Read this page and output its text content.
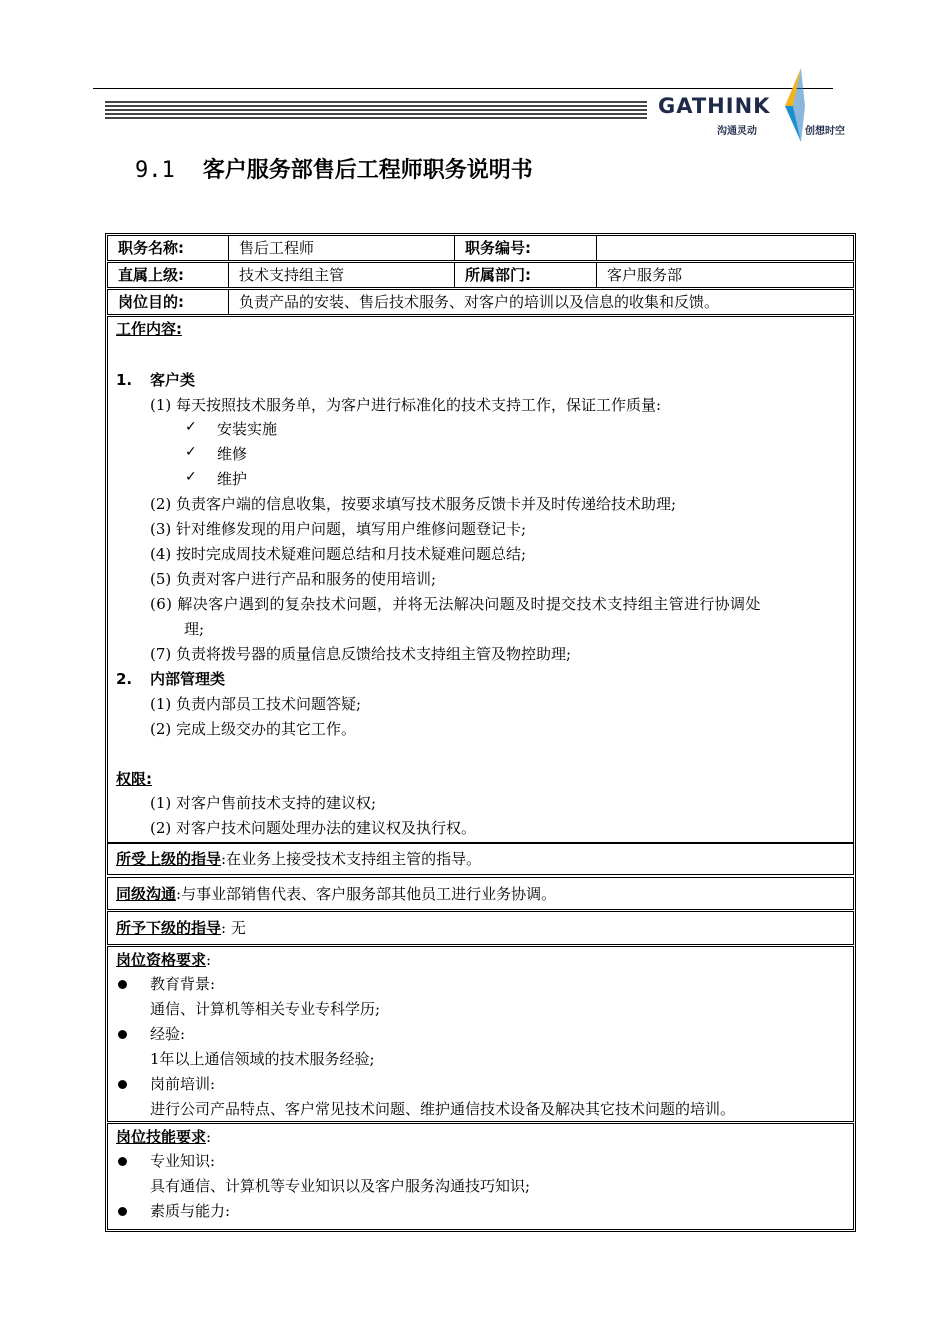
GATHINK
沟通灵动	创想时空
9.1 客户服务部售后工程师职务说明书
职务名称:	售后工程师	职务编号:
直属上级:	技术支持组主管	所属部门:	客户服务部
岗位目的:	负责产品的安装、售后技术服务、对客户的培训以及信息的收集和反馈。
工作内容:
1. 客户类
(1) 每天按照技术服务单，为客户进行标准化的技术支持工作，保证工作质量:
✓ 安装实施
✓ 维修
✓ 维护
(2) 负责客户端的信息收集，按要求填写技术服务反馈卡并及时传递给技术助理;
(3) 针对维修发现的用户问题，填写用户维修问题登记卡;
(4) 按时完成周技术疑难问题总结和月技术疑难问题总结;
(5) 负责对客户进行产品和服务的使用培训;
(6) 解决客户遇到的复杂技术问题，并将无法解决问题及时提交技术支持组主管进行协调处
理;
(7) 负责将拨号器的质量信息反馈给技术支持组主管及物控助理;
2. 内部管理类
(1) 负责内部员工技术问题答疑;
(2) 完成上级交办的其它工作。
权限:
(1) 对客户售前技术支持的建议权;
(2) 对客户技术问题处理办法的建议权及执行权。
所受上级的指导:在业务上接受技术支持组主管的指导。
同级沟通:与事业部销售代表、客户服务部其他员工进行业务协调。
所予下级的指导: 无
岗位资格要求:
教育背景:
通信、计算机等相关专业专科学历;
经验:
1年以上通信领域的技术服务经验;
岗前培训:
进行公司产品特点、客户常见技术问题、维护通信技术设备及解决其它技术问题的培训。
岗位技能要求:
专业知识:
具有通信、计算机等专业知识以及客户服务沟通技巧知识;
素质与能力:
